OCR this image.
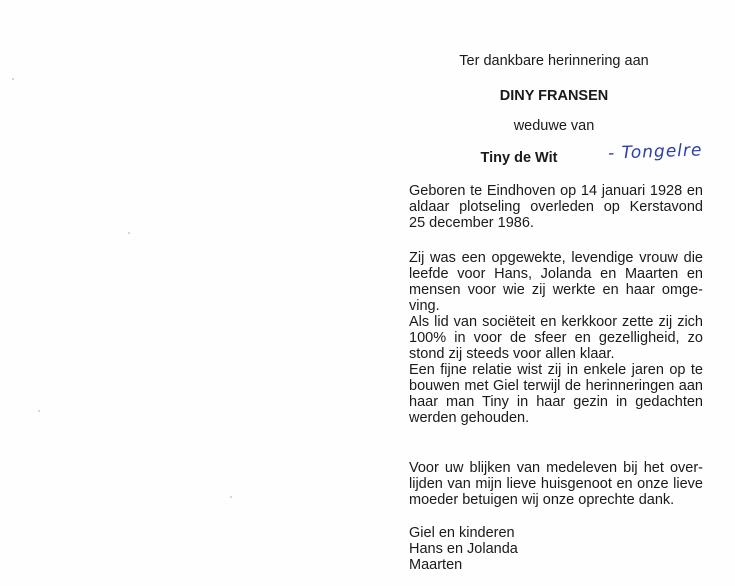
Ter dankbare herinnering aan
DINY FRANSEN
weduwe van
Tiny de Wit	- Tongelre
Geboren te Eindhoven op 14 januari 1928 en
aldaar plotseling overleden op Kerstavond
25 december 1986.
Zij was een opgewekte, levendige vrouw die
leefde voor Hans, Jolanda en Maarten en
mensen voor wie zij werkte en haar omge-
ving.
Als lid van sociëteit en kerkkoor zette zij zich
100% in voor de sfeer en gezelligheid, zo
stond zij steeds voor allen klaar.
Een fijne relatie wist zij in enkele jaren op te
bouwen met Giel terwijl de herinneringen aan
haar man Tiny in haar gezin in gedachten
werden gehouden.
Voor uw blijken van medeleven bij het over-
lijden van mijn lieve huisgenoot en onze lieve
moeder betuigen wij onze oprechte dank.
Giel en kinderen
Hans en Jolanda
Maarten
